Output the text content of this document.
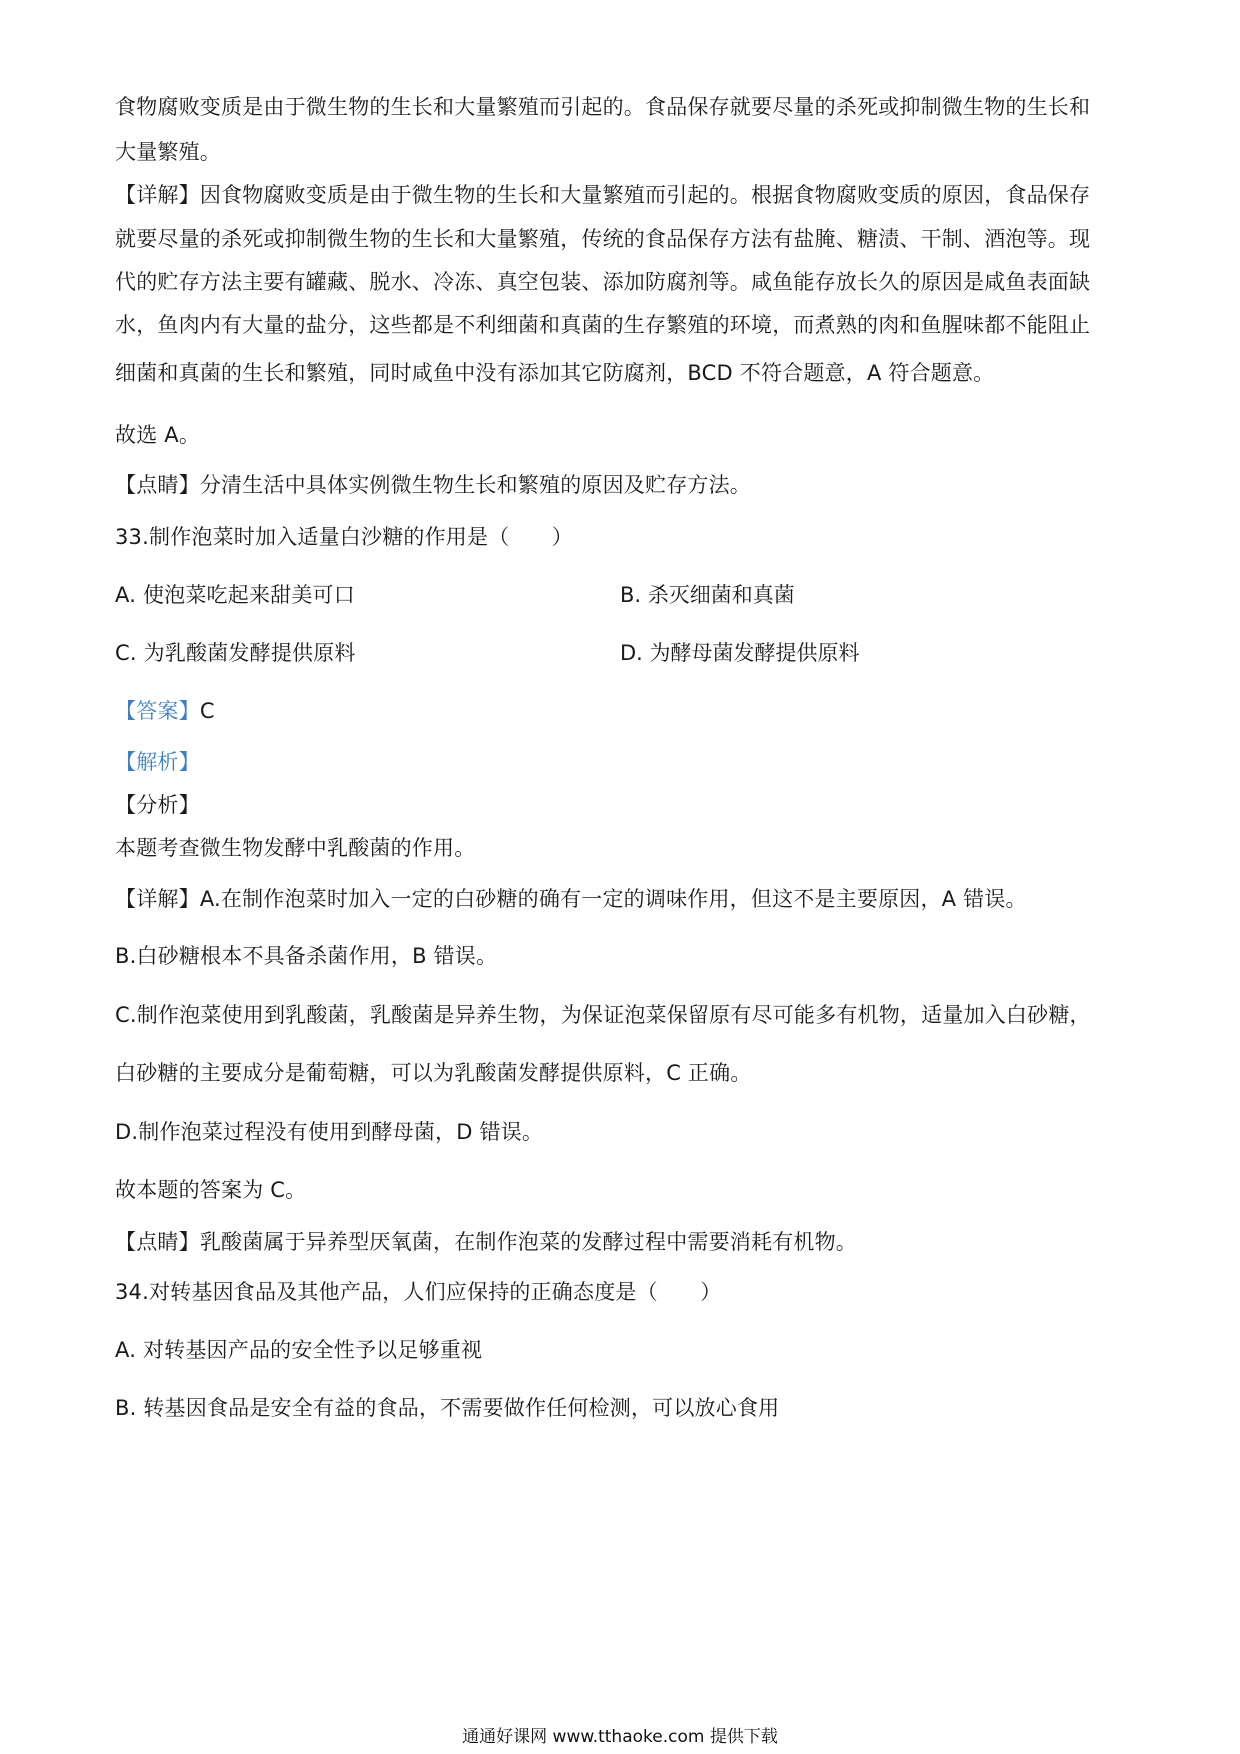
食物腐败变质是由于微生物的生长和大量繁殖而引起的。食品保存就要尽量的杀死或抑制微生物的生长和
大量繁殖。
【详解】因食物腐败变质是由于微生物的生长和大量繁殖而引起的。根据食物腐败变质的原因，食品保存
就要尽量的杀死或抑制微生物的生长和大量繁殖，传统的食品保存方法有盐腌、糖渍、干制、酒泡等。现
代的贮存方法主要有罐藏、脱水、冷冻、真空包装、添加防腐剂等。咸鱼能存放长久的原因是咸鱼表面缺
水，鱼肉内有大量的盐分，这些都是不利细菌和真菌的生存繁殖的环境，而煮熟的肉和鱼腥味都不能阻止
细菌和真菌的生长和繁殖，同时咸鱼中没有添加其它防腐剂，BCD 不符合题意，A 符合题意。
故选 A。
【点睛】分清生活中具体实例微生物生长和繁殖的原因及贮存方法。
33.制作泡菜时加入适量白沙糖的作用是（　　）
A. 使泡菜吃起来甜美可口	B. 杀灭细菌和真菌
C. 为乳酸菌发酵提供原料	D. 为酵母菌发酵提供原料
【答案】C
【解析】
【分析】
本题考查微生物发酵中乳酸菌的作用。
【详解】A.在制作泡菜时加入一定的白砂糖的确有一定的调味作用，但这不是主要原因，A 错误。
B.白砂糖根本不具备杀菌作用，B 错误。
C.制作泡菜使用到乳酸菌，乳酸菌是异养生物，为保证泡菜保留原有尽可能多有机物，适量加入白砂糖，
白砂糖的主要成分是葡萄糖，可以为乳酸菌发酵提供原料，C 正确。
D.制作泡菜过程没有使用到酵母菌，D 错误。
故本题的答案为 C。
【点睛】乳酸菌属于异养型厌氧菌，在制作泡菜的发酵过程中需要消耗有机物。
34.对转基因食品及其他产品，人们应保持的正确态度是（　　）
A. 对转基因产品的安全性予以足够重视
B. 转基因食品是安全有益的食品，不需要做作任何检测，可以放心食用
通通好课网 www.tthaoke.com 提供下载
